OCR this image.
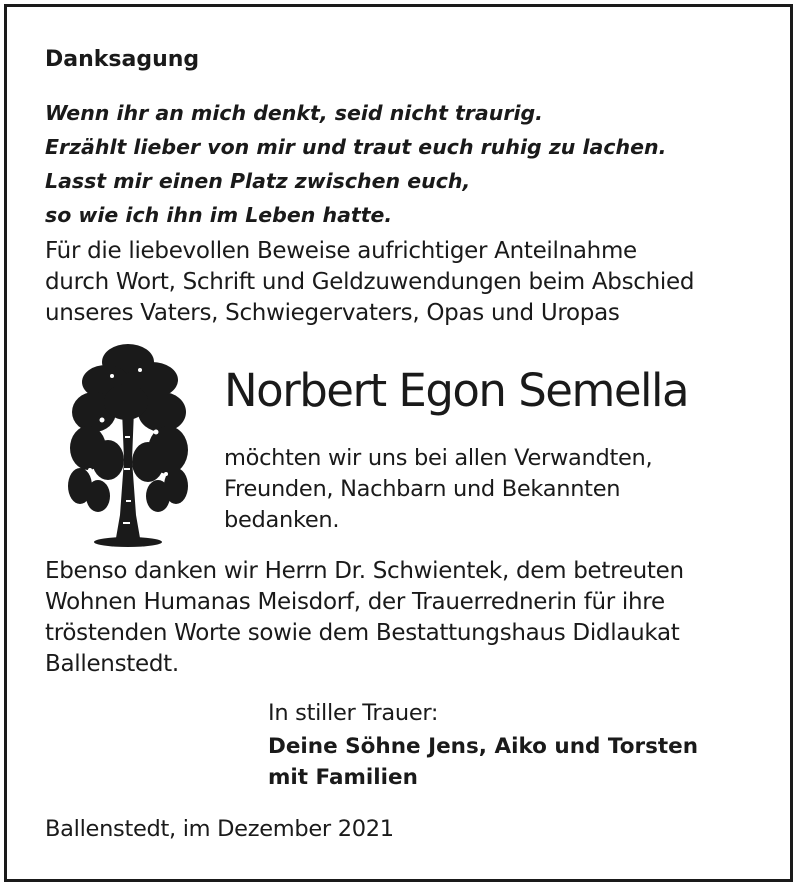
Danksagung
Wenn ihr an mich denkt, seid nicht traurig.
Erzählt lieber von mir und traut euch ruhig zu lachen.
Lasst mir einen Platz zwischen euch,
so wie ich ihn im Leben hatte.
Für die liebevollen Beweise aufrichtiger Anteilnahme
durch Wort, Schrift und Geldzuwendungen beim Abschied
unseres Vaters, Schwiegervaters, Opas und Uropas
Norbert Egon Semella
möchten wir uns bei allen Verwandten,
Freunden, Nachbarn und Bekannten
bedanken.
Ebenso danken wir Herrn Dr. Schwientek, dem betreuten
Wohnen Humanas Meisdorf, der Trauerrednerin für ihre
tröstenden Worte sowie dem Bestattungshaus Didlaukat
Ballenstedt.
In stiller Trauer:
Deine Söhne Jens, Aiko und Torsten
mit Familien
Ballenstedt, im Dezember 2021
